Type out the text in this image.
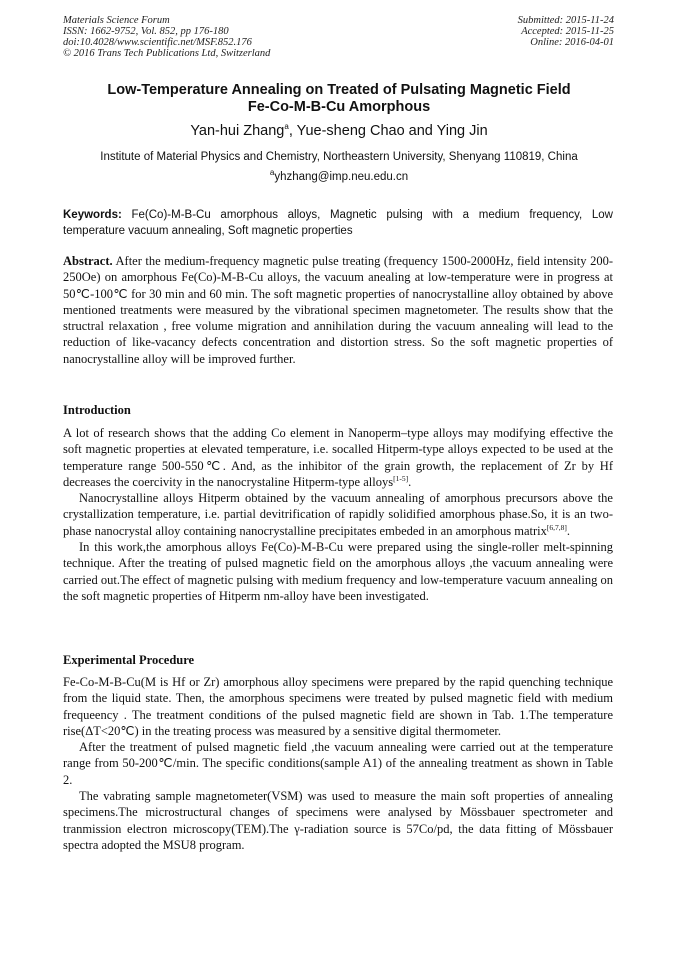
Materials Science Forum
ISSN: 1662-9752, Vol. 852, pp 176-180
doi:10.4028/www.scientific.net/MSF.852.176
© 2016 Trans Tech Publications Ltd, Switzerland
Submitted: 2015-11-24
Accepted: 2015-11-25
Online: 2016-04-01
Low-Temperature Annealing on Treated of Pulsating Magnetic Field
Fe-Co-M-B-Cu Amorphous
Yan-hui Zhang$^a$, Yue-sheng Chao and Ying Jin
Institute of Material Physics and Chemistry, Northeastern University, Shenyang 110819, China
$^a$yhzhang@imp.neu.edu.cn
Keywords: Fe(Co)-M-B-Cu amorphous alloys, Magnetic pulsing with a medium frequency, Low temperature vacuum annealing, Soft magnetic properties
Abstract. After the medium-frequency magnetic pulse treating (frequency 1500-2000Hz, field intensity 200-250Oe) on amorphous Fe(Co)-M-B-Cu alloys, the vacuum anealing at low-temperature were in progress at 50℃-100℃ for 30 min and 60 min. The soft magnetic properties of nanocrystalline alloy obtained by above mentioned treatments were measured by the vibrational specimen magnetometer. The results show that the structral relaxation , free volume migration and annihilation during the vacuum annealing will lead to the reduction of like-vacancy defects concentration and distortion stress. So the soft magnetic properties of nanocrystalline alloy will be improved further.
Introduction

A lot of research shows that the adding Co element in Nanoperm–type alloys may modifying effective the soft magnetic properties at elevated temperature, i.e. socalled Hitperm-type alloys expected to be used at the temperature range 500-550℃. And, as the inhibitor of the grain growth, the replacement of Zr by Hf decreases the coercivity in the nanocrystaline Hitperm-type alloys[1-5].

Nanocrystalline alloys Hitperm obtained by the vacuum annealing of amorphous precursors above the crystallization temperature, i.e. partial devitrification of rapidly solidified amorphous phase.So, it is an two-phase nanocrystal alloy containing nanocrystalline precipitates embeded in an amorphous matrix[6,7,8].

In this work,the amorphous alloys Fe(Co)-M-B-Cu were prepared using the single-roller melt-spinning technique. After the treating of pulsed magnetic field on the amorphous alloys ,the vacuum annealing were carried out.The effect of magnetic pulsing with medium frequency and low-temperature vacuum annealing on the soft magnetic properties of Hitperm nm-alloy have been investigated.

Experimental Procedure

Fe-Co-M-B-Cu(M is Hf or Zr) amorphous alloy specimens were prepared by the rapid quenching technique from the liquid state. Then, the amorphous specimens were treated by pulsed magnetic field with medium frequeency . The treatment conditions of the pulsed magnetic field are shown in Tab. 1.The temperature rise(ΔT<20℃) in the treating process was measured by a sensitive digital thermometer.

After the treatment of pulsed magnetic field ,the vacuum annealing were carried out at the temperature range from 50-200℃/min. The specific conditions(sample A1) of the annealing treatment as shown in Table 2.

The vabrating sample magnetometer(VSM) was used to measure the main soft properties of annealing specimens.The microstructural changes of specimens were analysed by Mössbauer spectrometer and tranmission electron microscopy(TEM).The γ-radiation source is 57Co/pd, the data fitting of Mössbauer spectra adopted the MSU8 program.
